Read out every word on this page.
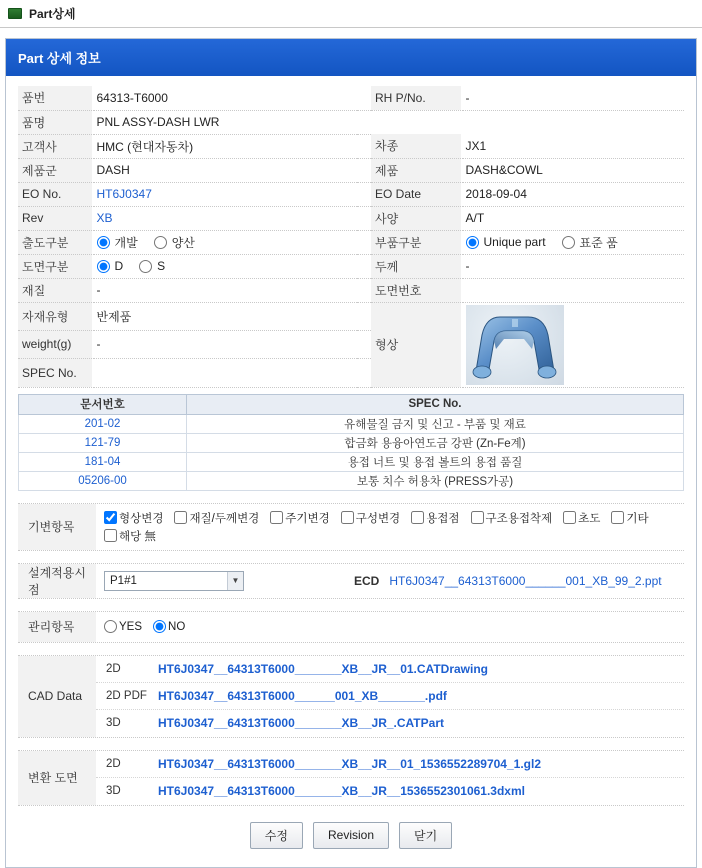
Part상세
Part 상세 정보
품번	64313-T6000		RH P/No.	-
품명	PNL ASSY-DASH LWR			
고객사	HMC (현대자동차)		차종	JX1
제품군	DASH		제품	DASH&COWL
EO No.	HT6J0347		EO Date	2018-09-04
Rev	XB		사양	A/T
출도구분	개발 양산		부품구분	Unique part 표준 품

도면구분	D S		두께	-
재질	-		도면번호	
자재유형	반제품		형상	

weight(g)	-			
SPEC No.				
문서번호	SPEC No.
201-02	유해물질 금지 및 신고 - 부품 및 재료
121-79	합금화 용융아연도금 강판 (Zn-Fe계)
181-04	용접 너트 및 용접 볼트의 용접 품질
05206-00	보통 치수 허용차 (PRESS가공)
기변항목
형상변경 재질/두께변경 주기변경 구성변경 용접점 구조용접착제 초도 기타
해당 無
설계적용시점
P1#1	▼	ECD HT6J0347__64313T6000______001_XB_99_2.ppt
관리항목	YES NO
CAD Data
2D	HT6J0347__64313T6000_______XB__JR__01.CATDrawing
2D PDF HT6J0347__64313T6000______001_XB_______.pdf
3D	HT6J0347__64313T6000_______XB__JR_.CATPart
변환 도면
2D	HT6J0347__64313T6000_______XB__JR__01_1536552289704_1.gl2
3D	HT6J0347__64313T6000_______XB__JR__1536552301061.3dxml
수정	Revision	닫기
